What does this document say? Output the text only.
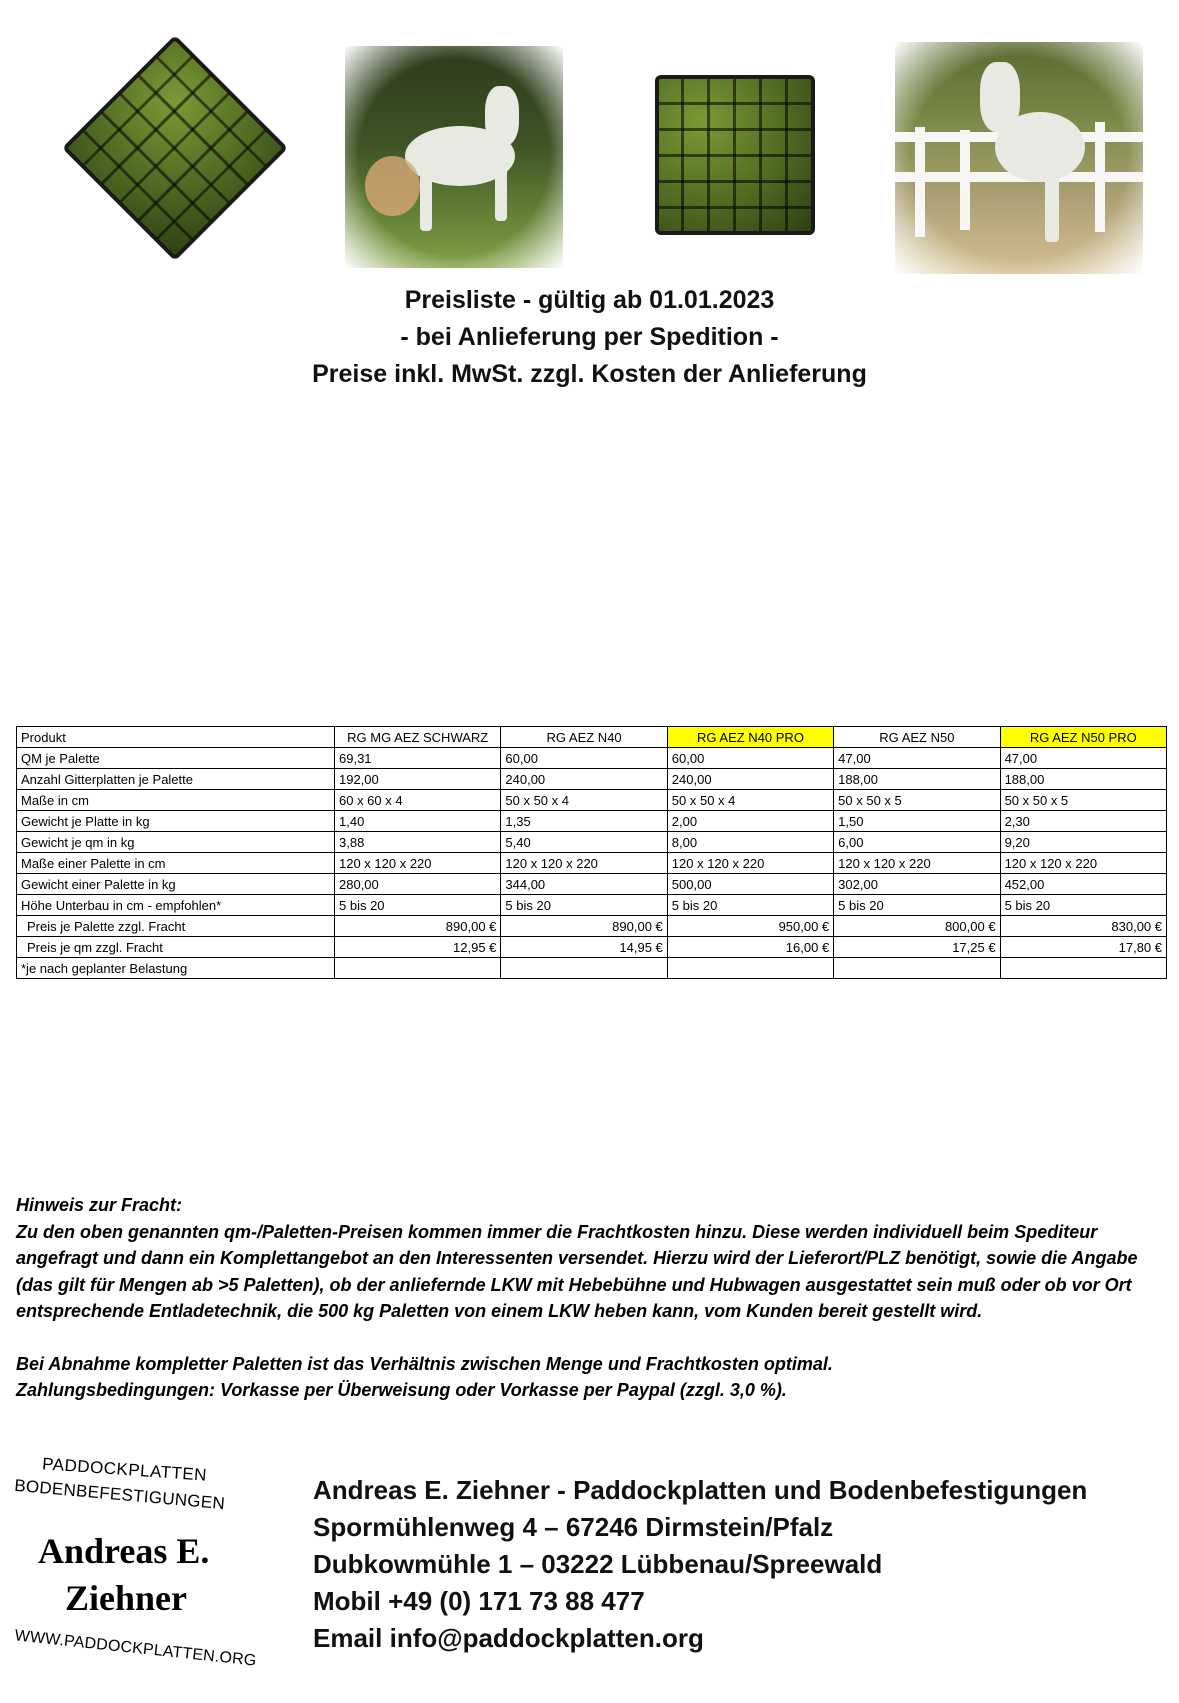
Preisliste - gültig ab 01.01.2023
- bei Anlieferung per Spedition -
Preise inkl. MwSt. zzgl. Kosten der Anlieferung
Produkt	RG MG AEZ SCHWARZ	RG AEZ N40	RG AEZ N40 PRO	RG AEZ N50	RG AEZ N50 PRO
QM je Palette	69,31	60,00	60,00	47,00	47,00
Anzahl Gitterplatten je Palette	192,00	240,00	240,00	188,00	188,00
Maße in cm	60 x 60 x 4	50 x 50 x 4	50 x 50 x 4	50 x 50 x 5	50 x 50 x 5
Gewicht je Platte in kg	1,40	1,35	2,00	1,50	2,30
Gewicht je qm in kg	3,88	5,40	8,00	6,00	9,20
Maße einer Palette in cm	120 x 120 x 220	120 x 120 x 220	120 x 120 x 220	120 x 120 x 220	120 x 120 x 220
Gewicht einer Palette in kg	280,00	344,00	500,00	302,00	452,00
Höhe Unterbau in cm - empfohlen*	5 bis 20	5 bis 20	5 bis 20	5 bis 20	5 bis 20
Preis je Palette zzgl. Fracht	890,00 €	890,00 €	950,00 €	800,00 €	830,00 €
Preis je qm zzgl. Fracht	12,95 €	14,95 €	16,00 €	17,25 €	17,80 €
*je nach geplanter Belastung					

Hinweis zur Fracht:

Zu den oben genannten qm-/Paletten-Preisen kommen immer die Frachtkosten hinzu. Diese werden individuell beim Spediteur angefragt und dann ein Komplettangebot an den Interessenten versendet. Hierzu wird der Lieferort/PLZ benötigt, sowie die Angabe (das gilt für Mengen ab >5 Paletten), ob der anliefernde LKW mit Hebebühne und Hubwagen ausgestattet sein muß oder ob vor Ort entsprechende Entladetechnik, die 500 kg Paletten von einem LKW heben kann, vom Kunden bereit gestellt wird.

Bei Abnahme kompletter Paletten ist das Verhältnis zwischen Menge und Frachtkosten optimal.

Zahlungsbedingungen: Vorkasse per Überweisung oder Vorkasse per Paypal (zzgl. 3,0 %).

PADDOCKPLATTEN
BODENBEFESTIGUNGEN
Andreas E.
Ziehner
WWW.PADDOCKPLATTEN.ORG
Andreas E. Ziehner - Paddockplatten und Bodenbefestigungen
Spormühlenweg 4 – 67246 Dirmstein/Pfalz
Dubkowmühle 1 – 03222 Lübbenau/Spreewald
Mobil +49 (0) 171 73 88 477
Email info@paddockplatten.org
